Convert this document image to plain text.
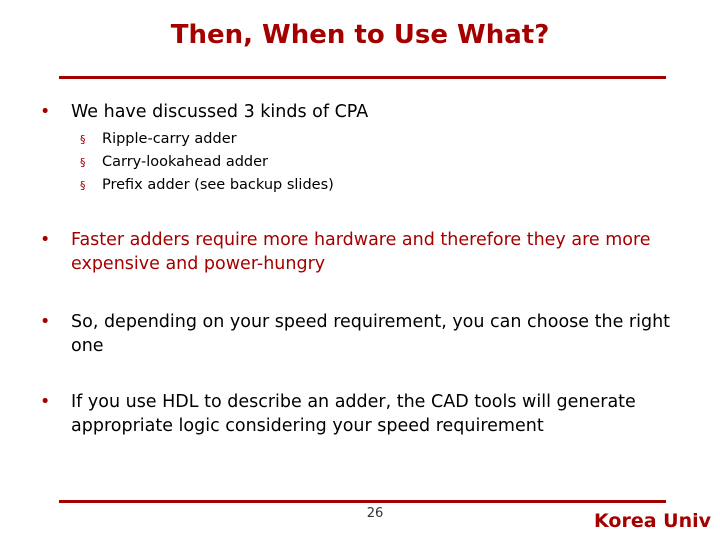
Then, When to Use What?
•	We have discussed 3 kinds of CPA
§ Ripple-carry adder
§ Carry-lookahead adder
§ Prefix adder (see backup slides)
•	Faster adders require more hardware and therefore they are more expensive and power-hungry
•	So, depending on your speed requirement, you can choose the right one
•	If you use HDL to describe an adder, the CAD tools will generate appropriate logic considering your speed requirement
26	Korea Univ
